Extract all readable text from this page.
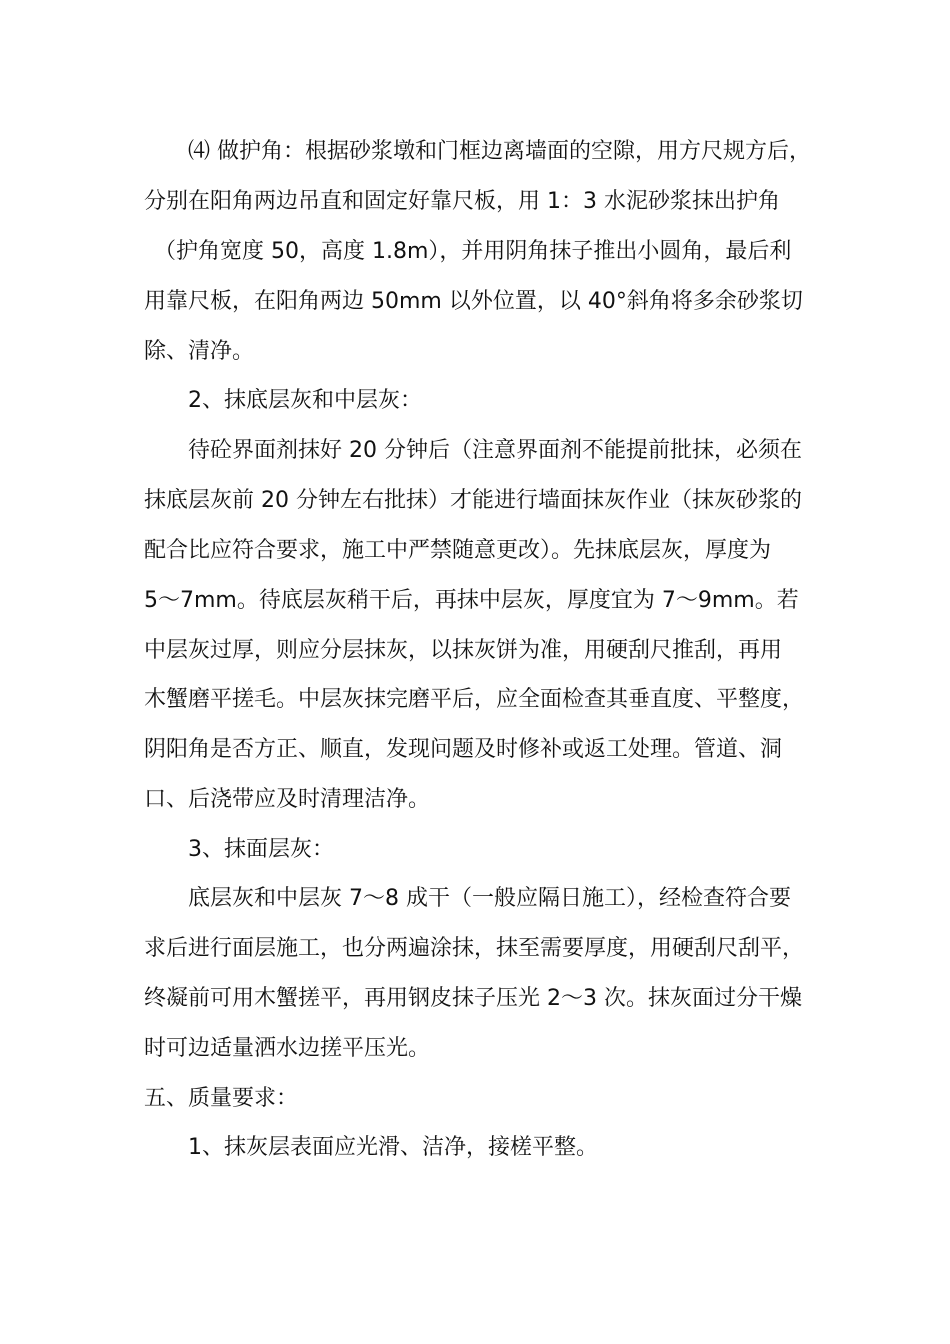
⑷ 做护角：根据砂浆墩和门框边离墙面的空隙，用方尺规方后，
分别在阳角两边吊直和固定好靠尺板，用 1：3 水泥砂浆抹出护角
（护角宽度 50，高度 1.8m），并用阴角抹子推出小圆角，最后利
用靠尺板，在阳角两边 50mm 以外位置，以 40°斜角将多余砂浆切
除、清净。
2、抹底层灰和中层灰：
待砼界面剂抹好 20 分钟后（注意界面剂不能提前批抹，必须在
抹底层灰前 20 分钟左右批抹）才能进行墙面抹灰作业（抹灰砂浆的
配合比应符合要求，施工中严禁随意更改）。先抹底层灰，厚度为
5～7mm。待底层灰稍干后，再抹中层灰，厚度宜为 7～9mm。若
中层灰过厚，则应分层抹灰，以抹灰饼为准，用硬刮尺推刮，再用
木蟹磨平搓毛。中层灰抹完磨平后，应全面检查其垂直度、平整度，
阴阳角是否方正、顺直，发现问题及时修补或返工处理。管道、洞
口、后浇带应及时清理洁净。
3、抹面层灰：
底层灰和中层灰 7～8 成干（一般应隔日施工），经检查符合要
求后进行面层施工，也分两遍涂抹，抹至需要厚度，用硬刮尺刮平，
终凝前可用木蟹搓平，再用钢皮抹子压光 2～3 次。抹灰面过分干燥
时可边适量洒水边搓平压光。
五、质量要求：
1、抹灰层表面应光滑、洁净，接槎平整。
